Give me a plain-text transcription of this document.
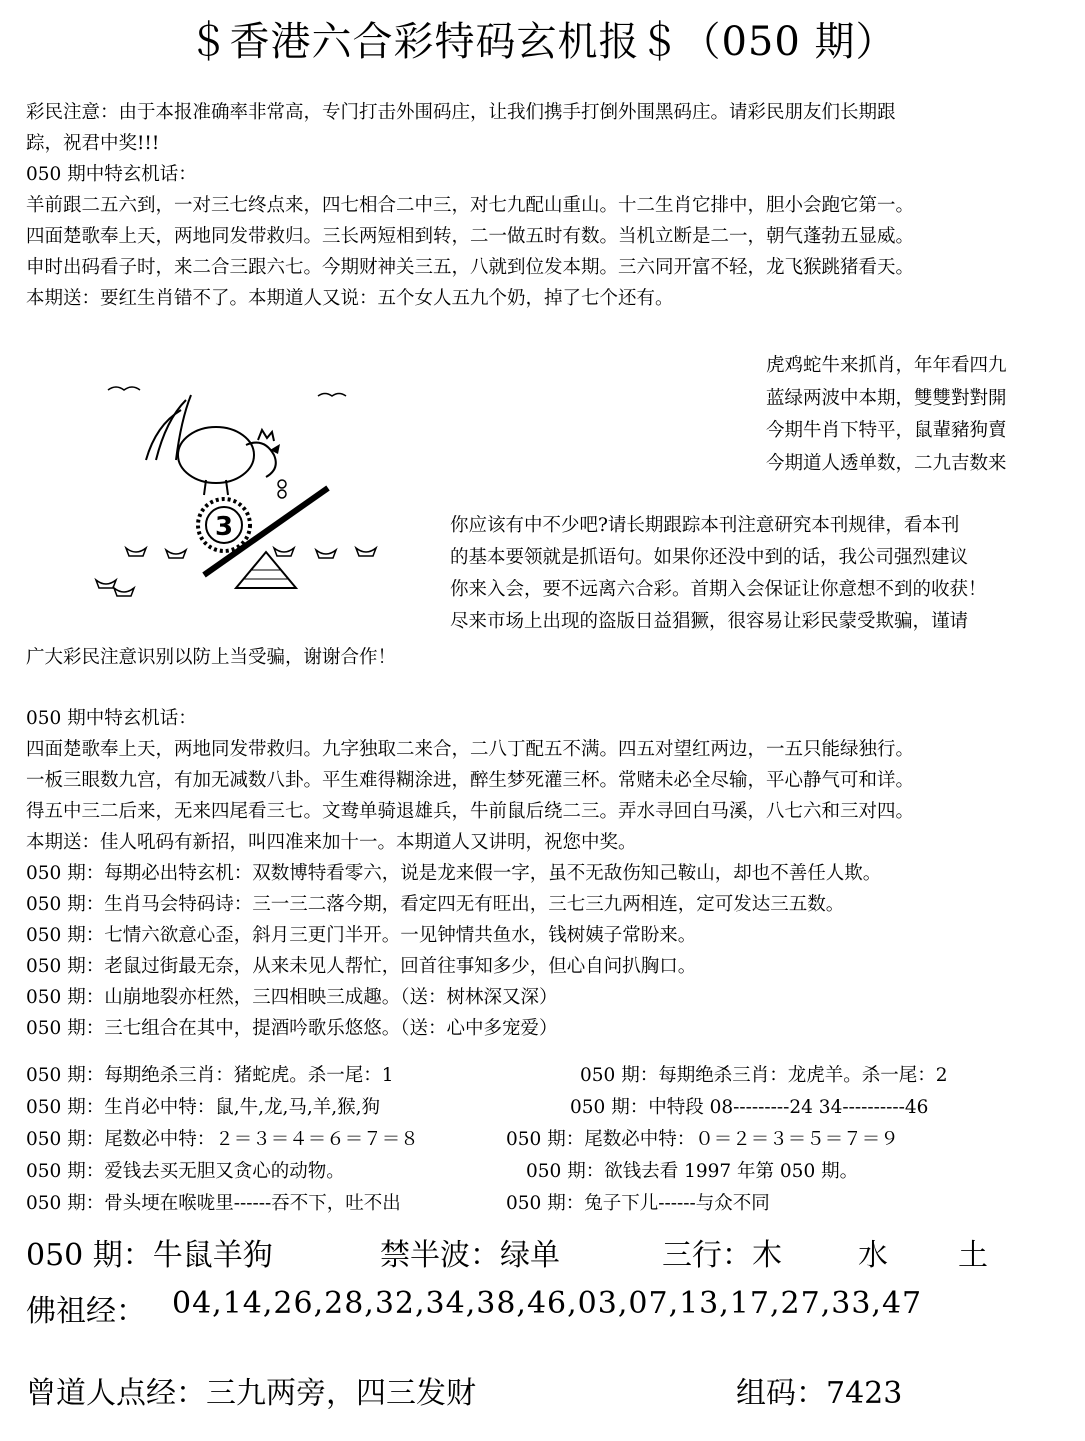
＄香港六合彩特码玄机报＄（050 期）
彩民注意：由于本报准确率非常高，专门打击外围码庄，让我们携手打倒外围黑码庄。请彩民朋友们长期跟
踪，祝君中奖!!!
050 期中特玄机话：
羊前跟二五六到，一对三七终点来，四七相合二中三，对七九配山重山。十二生肖它排中，胆小会跑它第一。
四面楚歌奉上天，两地同发带救归。三长两短相到转，二一做五时有数。当机立断是二一，朝气蓬勃五显威。
申时出码看子时，来二合三跟六七。今期财神关三五，八就到位发本期。三六同开富不轻，龙飞猴跳猪看天。
本期送：要红生肖错不了。本期道人又说：五个女人五九个奶，掉了七个还有。
虎鸡蛇牛来抓肖，年年看四九
蓝绿两波中本期，雙雙對對開
今期牛肖下特平，鼠輩豬狗賣
今期道人透单数，二九吉数来
3	你应该有中不少吧?请长期跟踪本刊注意研究本刊规律，看本刊
的基本要领就是抓语句。如果你还没中到的话，我公司强烈建议
你来入会，要不远离六合彩。首期入会保证让你意想不到的收获！
尽来市场上出现的盗版日益猖獗，很容易让彩民蒙受欺骗，谨请
广大彩民注意识别以防上当受骗，谢谢合作！
050 期中特玄机话：
四面楚歌奉上天，两地同发带救归。九字独取二来合，二八丁配五不满。四五对望红两边，一五只能绿独行。
一板三眼数九宫，有加无减数八卦。平生难得糊涂进，醉生梦死灌三杯。常赌未必全尽输，平心静气可和详。
得五中三二后来，无来四尾看三七。文鸯单骑退雄兵，牛前鼠后绕二三。弄水寻回白马溪，八七六和三对四。
本期送：佳人吼码有新招，叫四准来加十一。本期道人又讲明，祝您中奖。
050 期：每期必出特玄机：双数博特看零六，说是龙来假一字，虽不无敌伤知己鞍山，却也不善任人欺。
050 期：生肖马会特码诗：三一三二落今期，看定四无有旺出，三七三九两相连，定可发达三五数。
050 期：七情六欲意心歪，斜月三更门半开。一见钟情共鱼水，钱树姨子常盼来。
050 期：老鼠过街最无奈，从来未见人帮忙，回首往事知多少，但心自问扒胸口。
050 期：山崩地裂亦枉然，三四相映三成趣。（送：树林深又深）
050 期：三七组合在其中，提酒吟歌乐悠悠。（送：心中多宠爱）
050 期：每期绝杀三肖：猪蛇虎。杀一尾：1	050 期：每期绝杀三肖：龙虎羊。杀一尾：2
050 期：生肖必中特：鼠,牛,龙,马,羊,猴,狗	050 期：中特段 08---------24 34----------46
050 期：尾数必中特：２＝３＝４＝６＝７＝８	050 期：尾数必中特：０＝２＝３＝５＝７＝９
050 期：爱钱去买无胆又贪心的动物。	050 期：欲钱去看 1997 年第 050 期。
050 期：骨头埂在喉咙里------吞不下，吐不出	050 期：兔子下儿------与众不同
050 期：牛鼠羊狗	禁半波：绿单	三行：木	水 土
佛祖经： 04,14,26,28,32,34,38,46,03,07,13,17,27,33,47
曾道人点经：三九两旁，四三发财	组码：7423
